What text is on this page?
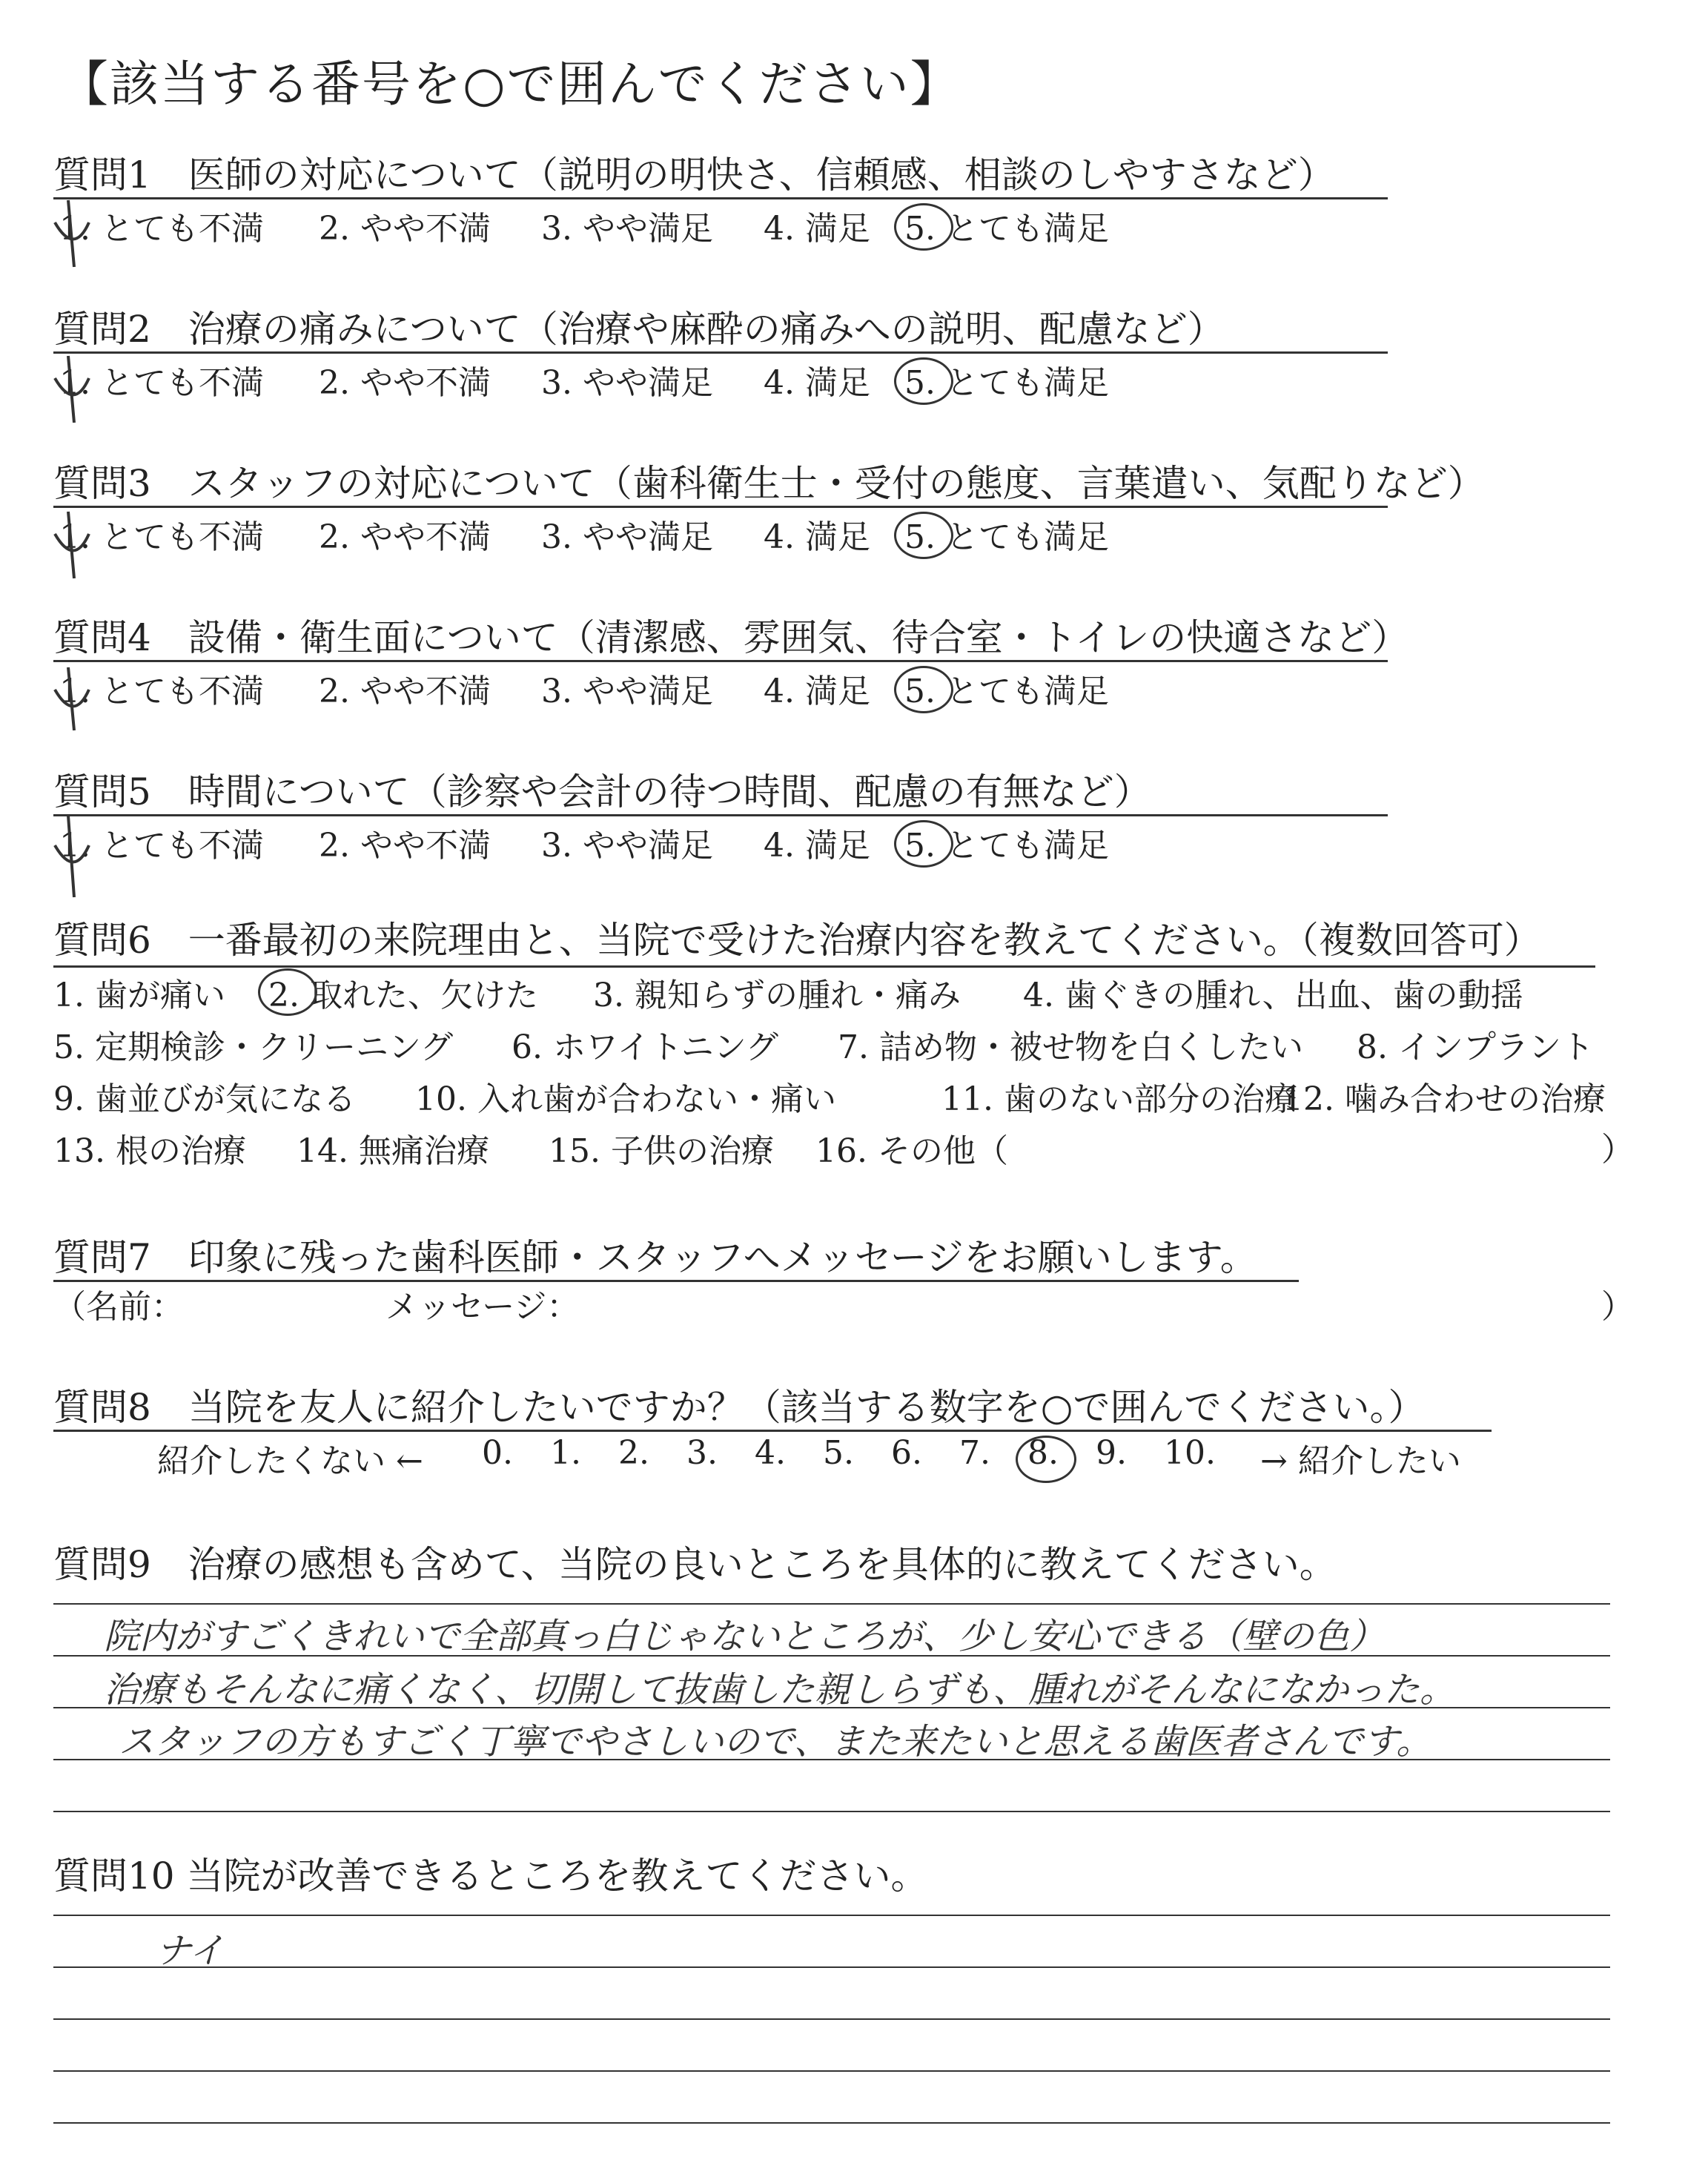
【該当する番号を○で囲んでください】
質問1　医師の対応について（説明の明快さ、信頼感、相談のしやすさなど）
1. とても不満 2. やや不満 3. やや満足 4. 満足 5. とても満足
質問2　治療の痛みについて（治療や麻酔の痛みへの説明、配慮など）
1. とても不満 2. やや不満 3. やや満足 4. 満足 5. とても満足
質問3　スタッフの対応について（歯科衛生士・受付の態度、言葉遣い、気配りなど）
1. とても不満 2. やや不満 3. やや満足 4. 満足 5. とても満足
質問4　設備・衛生面について（清潔感、雰囲気、待合室・トイレの快適さなど）
1. とても不満 2. やや不満 3. やや満足 4. 満足 5. とても満足
質問5　時間について（診察や会計の待つ時間、配慮の有無など）
1. とても不満 2. やや不満 3. やや満足 4. 満足 5. とても満足
質問6　一番最初の来院理由と、当院で受けた治療内容を教えてください。（複数回答可）
1. 歯が痛い 2. 取れた、欠けた 3. 親知らずの腫れ・痛み 4. 歯ぐきの腫れ、出血、歯の動揺
5. 定期検診・クリーニング 6. ホワイトニング 7. 詰め物・被せ物を白くしたい 8. インプラント
9. 歯並びが気になる 10. 入れ歯が合わない・痛い	11. 歯のない部分の治療
12. 噛み合わせの治療
13. 根の治療 14. 無痛治療 15. 子供の治療 16. その他（	）
質問7　印象に残った歯科医師・スタッフへメッセージをお願いします。
（名前：	メッセージ：	）
質問8　当院を友人に紹介したいですか？（該当する数字を○で囲んでください。）
紹介したくない ← 0. 1. 2. 3. 4. 5. 6. 7. 8. 9. 10. → 紹介したい
質問9　治療の感想も含めて、当院の良いところを具体的に教えてください。
院内がすごくきれいで全部真っ白じゃないところが、少し安心できる（壁の色）
治療もそんなに痛くなく、切開して抜歯した親しらずも、腫れがそんなになかった。
スタッフの方もすごく丁寧でやさしいので、また来たいと思える歯医者さんです。
質問10 当院が改善できるところを教えてください。
ナイ
